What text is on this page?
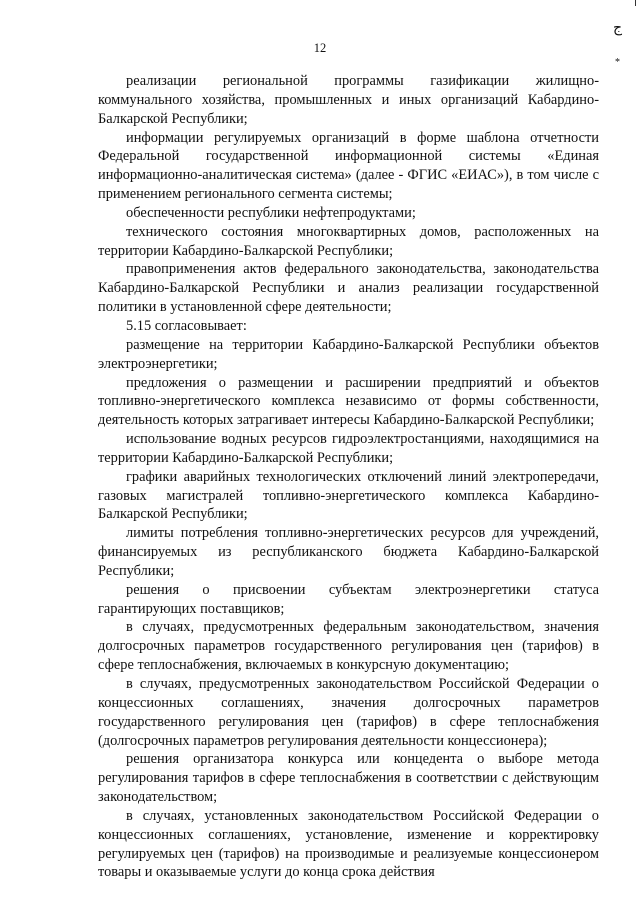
12
ج
*

реализации региональной программы газификации жилищно-коммунального хозяйства, промышленных и иных организаций Кабардино-Балкарской Республики;

информации регулируемых организаций в форме шаблона отчетности Федеральной государственной информационной системы «Единая информационно-аналитическая система» (далее - ФГИС «ЕИАС»), в том числе с применением регионального сегмента системы;

обеспеченности республики нефтепродуктами;

технического состояния многоквартирных домов, расположенных на территории Кабардино-Балкарской Республики;

правоприменения актов федерального законодательства, законодательства Кабардино-Балкарской Республики и анализ реализации государственной политики в установленной сфере деятельности;

5.15 согласовывает:

размещение на территории Кабардино-Балкарской Республики объектов электроэнергетики;

предложения о размещении и расширении предприятий и объектов топливно-энергетического комплекса независимо от формы собственности, деятельность которых затрагивает интересы Кабардино-Балкарской Республики;

использование водных ресурсов гидроэлектростанциями, находящимися на территории Кабардино-Балкарской Республики;

графики аварийных технологических отключений линий электропередачи, газовых магистралей топливно-энергетического комплекса Кабардино-Балкарской Республики;

лимиты потребления топливно-энергетических ресурсов для учреждений, финансируемых из республиканского бюджета Кабардино-Балкарской Республики;

решения о присвоении субъектам электроэнергетики статуса гарантирующих поставщиков;

в случаях, предусмотренных федеральным законодательством, значения долгосрочных параметров государственного регулирования цен (тарифов) в сфере теплоснабжения, включаемых в конкурсную документацию;

в случаях, предусмотренных законодательством Российской Федерации о концессионных соглашениях, значения долгосрочных параметров государственного регулирования цен (тарифов) в сфере теплоснабжения (долгосрочных параметров регулирования деятельности концессионера);

решения организатора конкурса или концедента о выборе метода регулирования тарифов в сфере теплоснабжения в соответствии с действующим законодательством;

в случаях, установленных законодательством Российской Федерации о концессионных соглашениях, установление, изменение и корректировку регулируемых цен (тарифов) на производимые и реализуемые концессионером товары и оказываемые услуги до конца срока действия
